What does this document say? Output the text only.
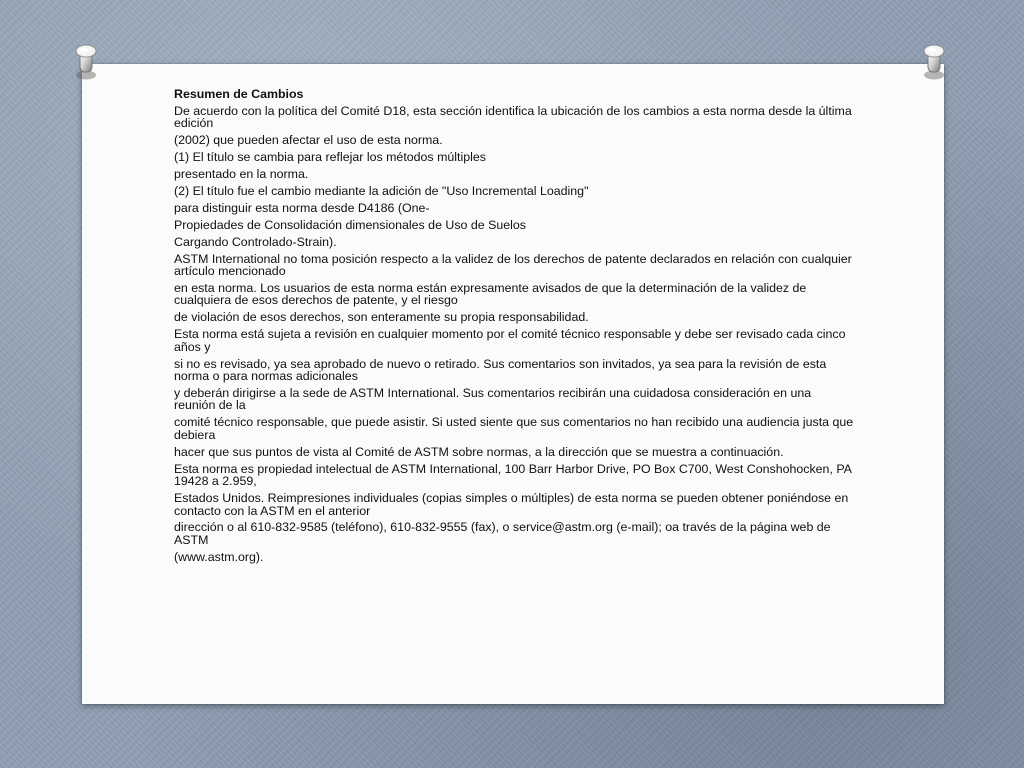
Resumen de Cambios
De acuerdo con la política del Comité D18, esta sección identifica la ubicación de los cambios a esta norma desde la última edición
(2002) que pueden afectar el uso de esta norma.
(1) El título se cambia para reflejar los métodos múltiples
presentado en la norma.
(2) El título fue el cambio mediante la adición de "Uso Incremental Loading"
para distinguir esta norma desde D4186 (One-
Propiedades de Consolidación dimensionales de Uso de Suelos
Cargando Controlado-Strain).
ASTM International no toma posición respecto a la validez de los derechos de patente declarados en relación con cualquier artículo mencionado
en esta norma. Los usuarios de esta norma están expresamente avisados de que la determinación de la validez de cualquiera de esos derechos de patente, y el riesgo
de violación de esos derechos, son enteramente su propia responsabilidad.
Esta norma está sujeta a revisión en cualquier momento por el comité técnico responsable y debe ser revisado cada cinco años y
si no es revisado, ya sea aprobado de nuevo o retirado. Sus comentarios son invitados, ya sea para la revisión de esta norma o para normas adicionales
y deberán dirigirse a la sede de ASTM International. Sus comentarios recibirán una cuidadosa consideración en una reunión de la
comité técnico responsable, que puede asistir. Si usted siente que sus comentarios no han recibido una audiencia justa que debiera
hacer que sus puntos de vista al Comité de ASTM sobre normas, a la dirección que se muestra a continuación.
Esta norma es propiedad intelectual de ASTM International, 100 Barr Harbor Drive, PO Box C700, West Conshohocken, PA 19428 a 2.959,
Estados Unidos. Reimpresiones individuales (copias simples o múltiples) de esta norma se pueden obtener poniéndose en contacto con la ASTM en el anterior
dirección o al 610-832-9585 (teléfono), 610-832-9555 (fax), o service@astm.org (e-mail); oa través de la página web de ASTM
(www.astm.org).
